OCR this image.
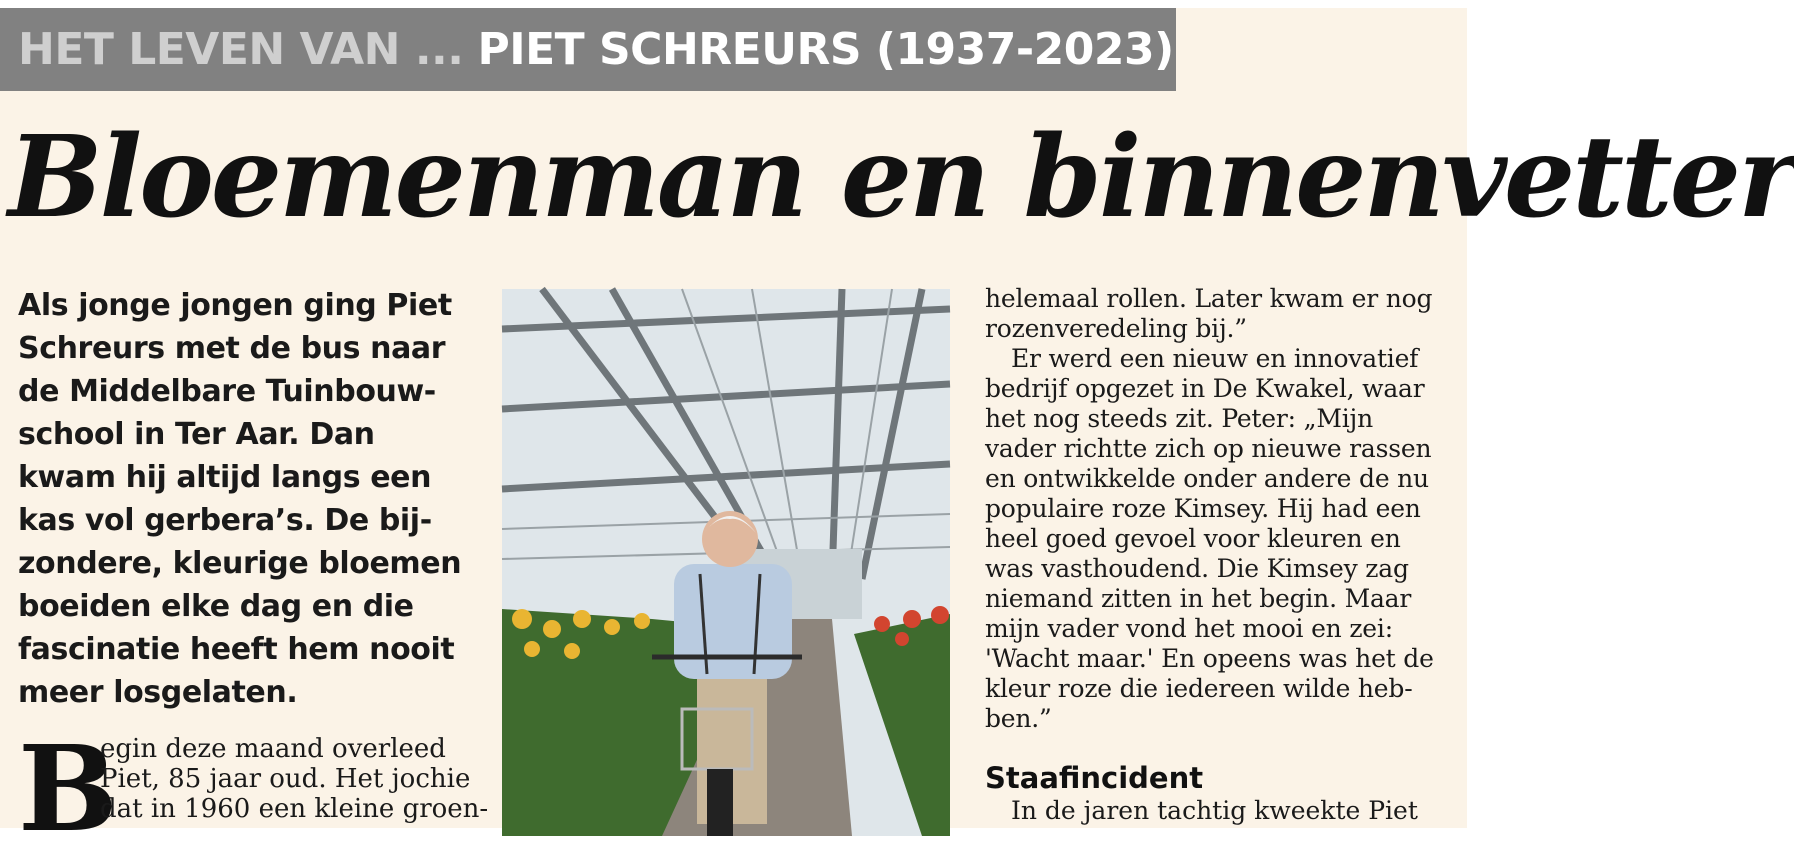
HET LEVEN VAN ... PIET SCHREURS (1937-2023)
Bloemenman en binnenvetter

Als jonge jongen ging Piet
Schreurs met de bus naar
de Middelbare Tuinbouw-
school in Ter Aar. Dan
kwam hij altijd langs een
kas vol gerbera’s. De bij-
zondere, kleurige bloemen
boeiden elke dag en die
fascinatie heeft hem nooit
meer losgelaten.

B
egin deze maand overleed
Piet, 85 jaar oud. Het jochie
dat in 1960 een kleine groen-
helemaal rollen. Later kwam er nog
rozenveredeling bij.”
Er werd een nieuw en innovatief
bedrijf opgezet in De Kwakel, waar
het nog steeds zit. Peter: „Mijn
vader richtte zich op nieuwe rassen
en ontwikkelde onder andere de nu
populaire roze Kimsey. Hij had een
heel goed gevoel voor kleuren en
was vasthoudend. Die Kimsey zag
niemand zitten in het begin. Maar
mijn vader vond het mooi en zei:
'Wacht maar.' En opeens was het de
kleur roze die iedereen wilde heb-
ben.”
Staafincident
In de jaren tachtig kweekte Piet
